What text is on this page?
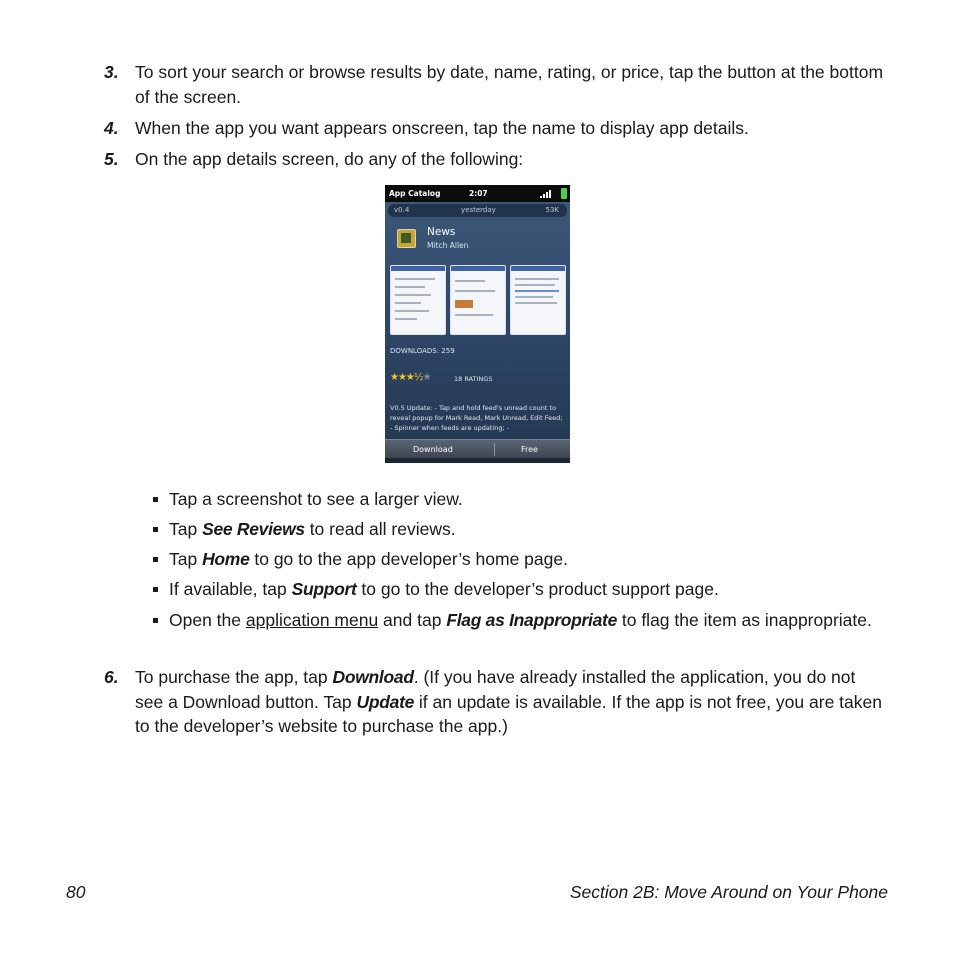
3. To sort your search or browse results by date, name, rating, or price, tap the button at the bottom of the screen.
4. When the app you want appears onscreen, tap the name to display app details.
5. On the app details screen, do any of the following:
App Catalog	2:07
v0.4	yesterday	53K
News
Mitch Allen
DOWNLOADS: 259
★★★½★	18 RATINGS
V0.5 Update: - Tap and hold feed's unread count to reveal popup for Mark Read, Mark Unread, Edit Feed; - Spinner when feeds are updating; -
Download	Free
Tap a screenshot to see a larger view.
Tap See Reviews to read all reviews.
Tap Home to go to the app developer’s home page.
If available, tap Support to go to the developer’s product support page.
Open the application menu and tap Flag as Inappropriate to flag the item as inappropriate.
6. To purchase the app, tap Download. (If you have already installed the application, you do not see a Download button. Tap Update if an update is available. If the app is not free, you are taken to the developer’s website to purchase the app.)
80	Section 2B: Move Around on Your Phone
